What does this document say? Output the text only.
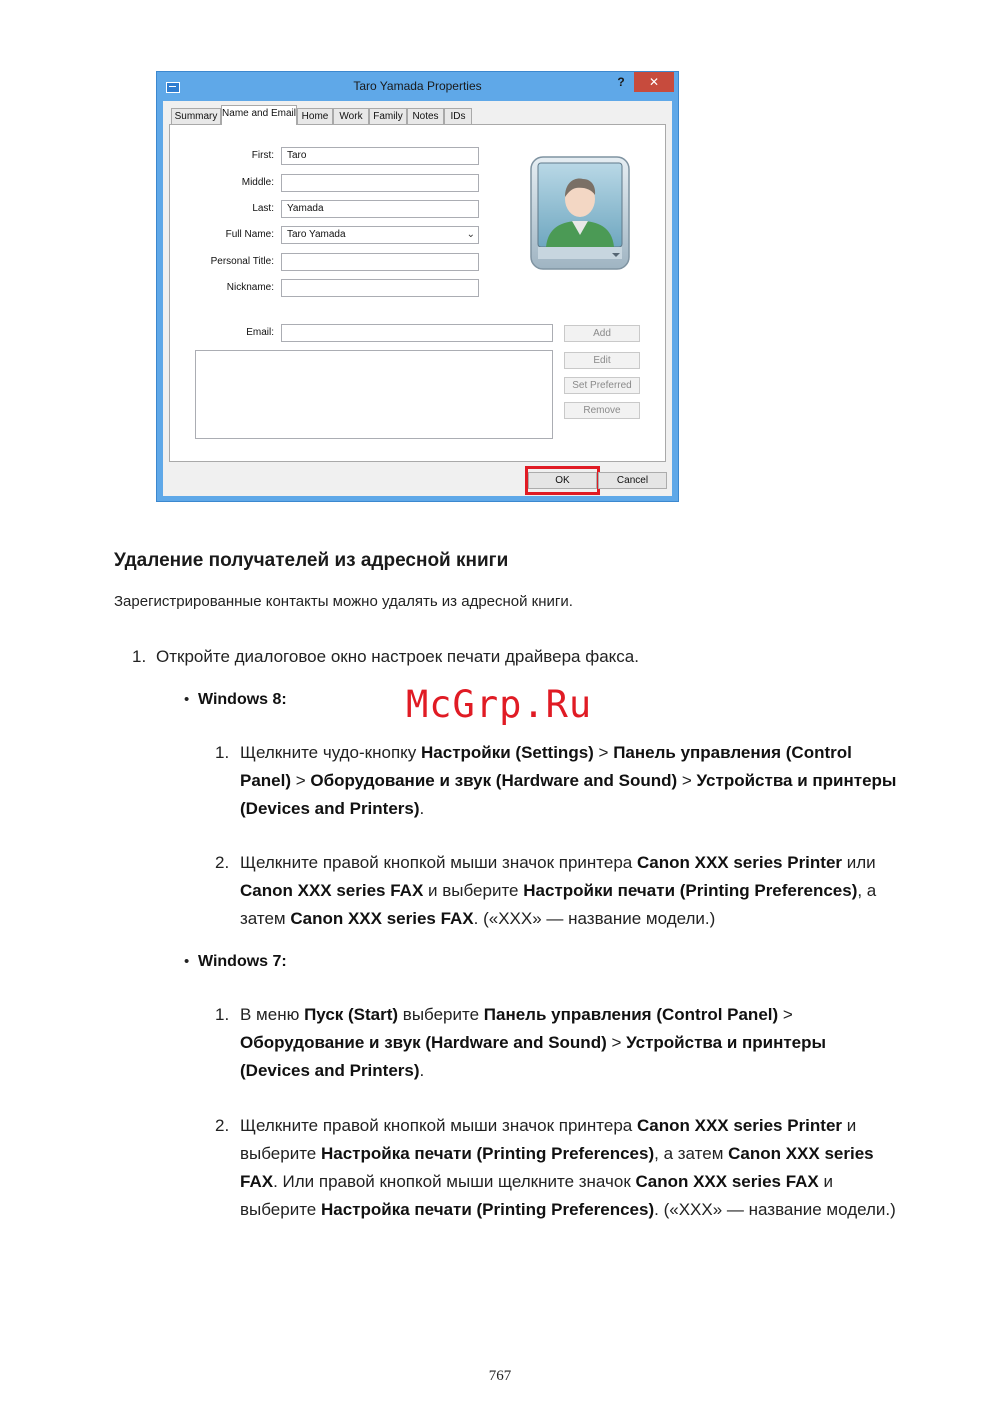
Taro Yamada Properties	?	✕
Summary Name and Email Home	Work	Family Notes	IDs
First:	Taro
Middle:
Last:	Yamada
Full Name:	Taro Yamada	⌄
Personal Title:
Nickname:
Email:	Add
Edit
Set Preferred
Remove
OK	Cancel
Удаление получателей из адресной книги
Зарегистрированные контакты можно удалять из адресной книги.
1. Откройте диалоговое окно настроек печати драйвера факса.
• Windows 8:	McGrp.Ru
1. Щелкните чудо-кнопку Настройки (Settings) > Панель управления (Control Panel) > Оборудование и звук (Hardware and Sound) > Устройства и принтеры (Devices and Printers).
2. Щелкните правой кнопкой мыши значок принтера Canon XXX series Printer или Canon XXX series FAX и выберите Настройки печати (Printing Preferences), а затем Canon XXX series FAX. («XXX» — название модели.)
• Windows 7:
1. В меню Пуск (Start) выберите Панель управления (Control Panel) > Оборудование и звук (Hardware and Sound) > Устройства и принтеры (Devices and Printers).
2. Щелкните правой кнопкой мыши значок принтера Canon XXX series Printer и выберите Настройка печати (Printing Preferences), а затем Canon XXX series FAX. Или правой кнопкой мыши щелкните значок Canon XXX series FAX и выберите Настройка печати (Printing Preferences). («XXX» — название модели.)
767
